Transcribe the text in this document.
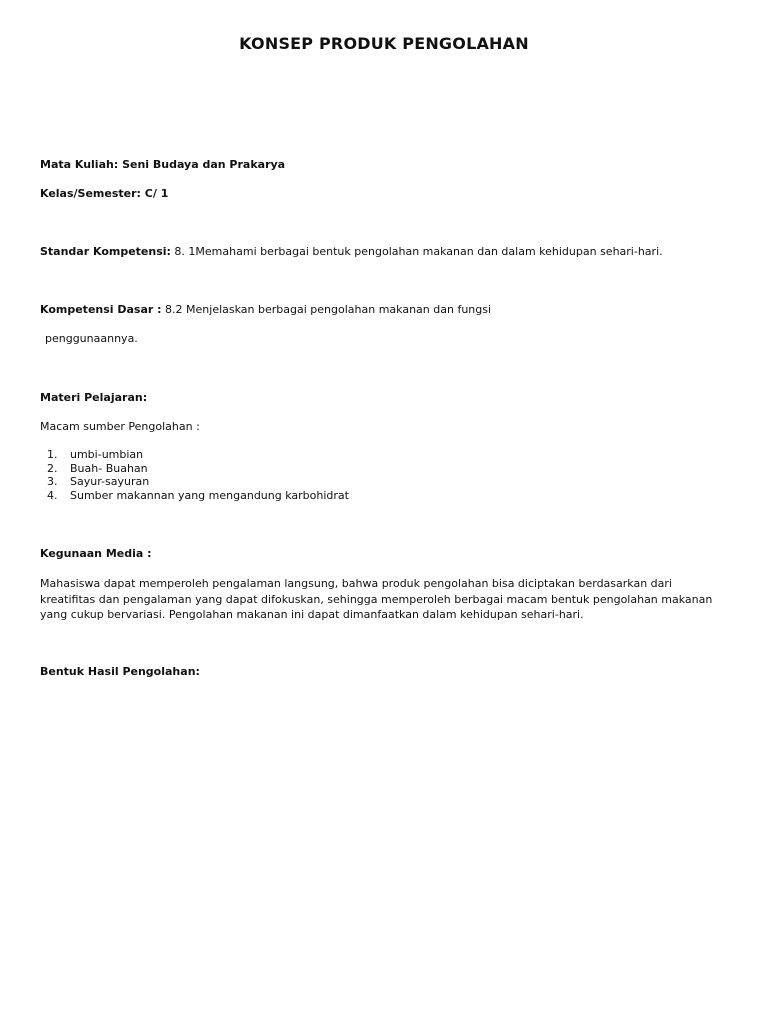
KONSEP PRODUK PENGOLAHAN
Mata Kuliah: Seni Budaya dan Prakarya
Kelas/Semester: C/ 1
Standar Kompetensi: 8. 1Memahami berbagai bentuk pengolahan makanan dan dalam kehidupan sehari-hari.
Kompetensi Dasar : 8.2 Menjelaskan berbagai pengolahan makanan dan fungsi
penggunaannya.
Materi Pelajaran:
Macam sumber Pengolahan :
1.	umbi-umbian
2.	Buah- Buahan
3.	Sayur-sayuran
4.	Sumber makannan yang mengandung karbohidrat
Kegunaan Media :
Mahasiswa dapat memperoleh pengalaman langsung, bahwa produk pengolahan bisa diciptakan berdasarkan dari kreatifitas dan pengalaman yang dapat difokuskan, sehingga memperoleh berbagai macam bentuk pengolahan makanan yang cukup bervariasi. Pengolahan makanan ini dapat dimanfaatkan dalam kehidupan sehari-hari.
Bentuk Hasil Pengolahan:
